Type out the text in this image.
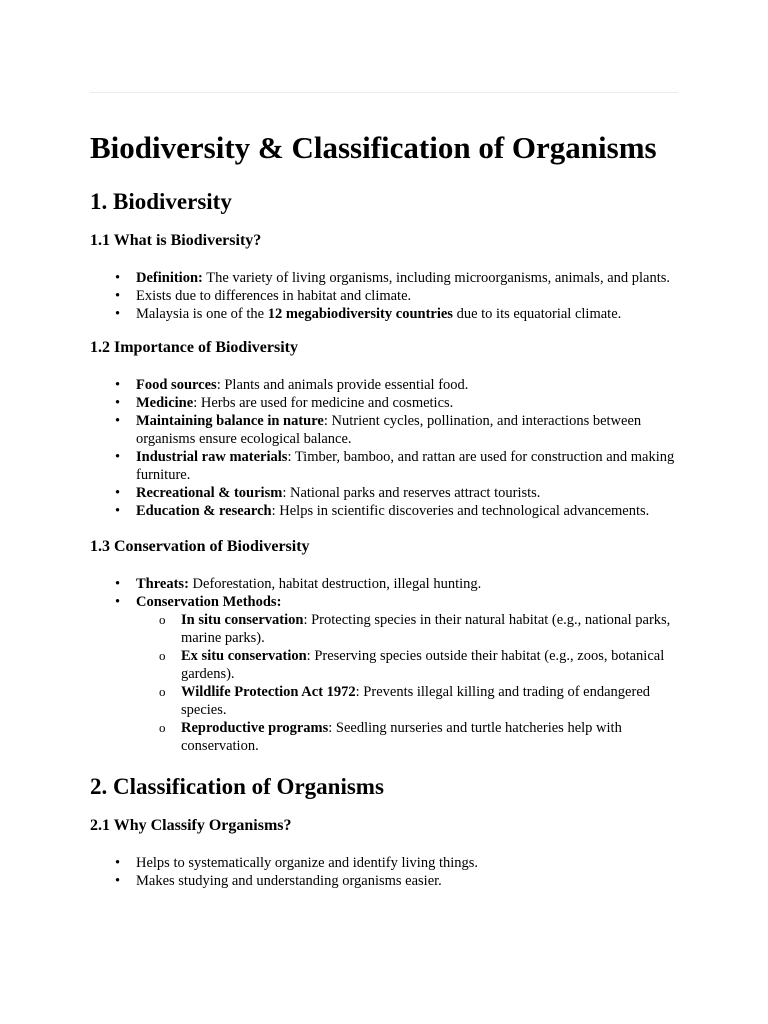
Biodiversity & Classification of Organisms
1. Biodiversity
1.1 What is Biodiversity?
• Definition: The variety of living organisms, including microorganisms, animals, and plants.
• Exists due to differences in habitat and climate.
• Malaysia is one of the 12 megabiodiversity countries due to its equatorial climate.
1.2 Importance of Biodiversity
• Food sources: Plants and animals provide essential food.
• Medicine: Herbs are used for medicine and cosmetics.
• Maintaining balance in nature: Nutrient cycles, pollination, and interactions between organisms ensure ecological balance.
• Industrial raw materials: Timber, bamboo, and rattan are used for construction and making furniture.
• Recreational & tourism: National parks and reserves attract tourists.
• Education & research: Helps in scientific discoveries and technological advancements.
1.3 Conservation of Biodiversity
• Threats: Deforestation, habitat destruction, illegal hunting.
• Conservation Methods:
o In situ conservation: Protecting species in their natural habitat (e.g., national parks, marine parks).
o Ex situ conservation: Preserving species outside their habitat (e.g., zoos, botanical gardens).
o Wildlife Protection Act 1972: Prevents illegal killing and trading of endangered species.
o Reproductive programs: Seedling nurseries and turtle hatcheries help with conservation.
2. Classification of Organisms
2.1 Why Classify Organisms?
• Helps to systematically organize and identify living things.
• Makes studying and understanding organisms easier.
